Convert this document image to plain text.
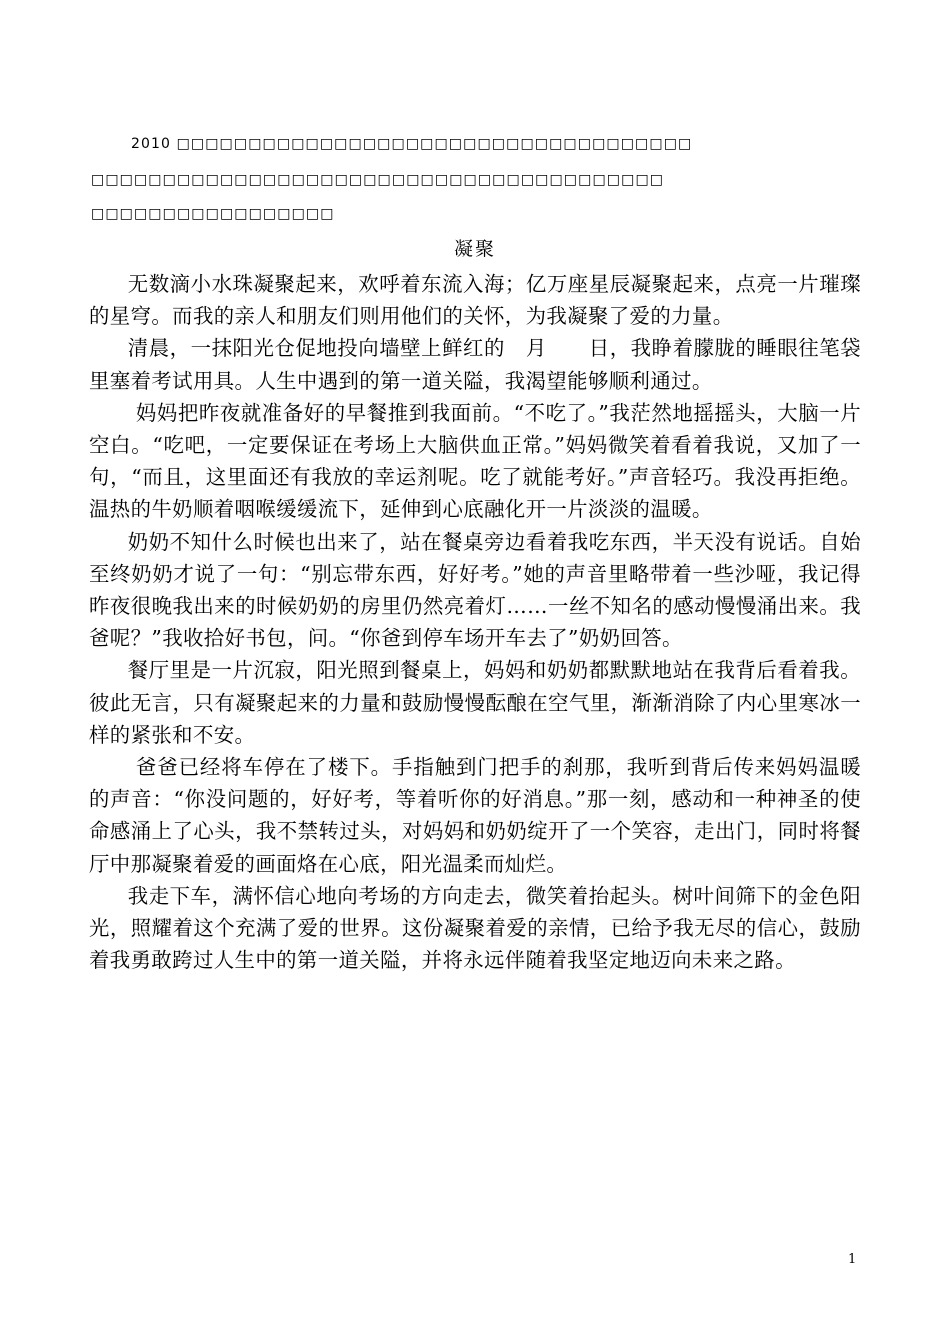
2010 □□□□□□□□□□□□□□□□□□□□□□□□□□□□□□□□□□□□
□□□□□□□□□□□□□□□□□□□□□□□□□□□□□□□□□□□□□□□□
□□□□□□□□□□□□□□□□□
凝聚

无数滴小水珠凝聚起来，欢呼着东流入海；亿万座星辰凝聚起来，点亮一片璀璨的星穹。而我的亲人和朋友们则用他们的关怀，为我凝聚了爱的力量。

清晨，一抹阳光仓促地投向墙壁上鲜红的　月　　日，我睁着朦胧的睡眼往笔袋里塞着考试用具。人生中遇到的第一道关隘，我渴望能够顺利通过。

妈妈把昨夜就准备好的早餐推到我面前。“不吃了。”我茫然地摇摇头，大脑一片空白。“吃吧，一定要保证在考场上大脑供血正常。”妈妈微笑着看着我说，又加了一句，“而且，这里面还有我放的幸运剂呢。吃了就能考好。”声音轻巧。我没再拒绝。温热的牛奶顺着咽喉缓缓流下，延伸到心底融化开一片淡淡的温暖。

奶奶不知什么时候也出来了，站在餐桌旁边看着我吃东西，半天没有说话。自始至终奶奶才说了一句：“别忘带东西，好好考。”她的声音里略带着一些沙哑，我记得昨夜很晚我出来的时候奶奶的房里仍然亮着灯……一丝不知名的感动慢慢涌出来。我爸呢？”我收拾好书包，问。“你爸到停车场开车去了”奶奶回答。

餐厅里是一片沉寂，阳光照到餐桌上，妈妈和奶奶都默默地站在我背后看着我。彼此无言，只有凝聚起来的力量和鼓励慢慢酝酿在空气里，渐渐消除了内心里寒冰一样的紧张和不安。

爸爸已经将车停在了楼下。手指触到门把手的刹那，我听到背后传来妈妈温暖的声音：“你没问题的，好好考，等着听你的好消息。”那一刻，感动和一种神圣的使命感涌上了心头，我不禁转过头，对妈妈和奶奶绽开了一个笑容，走出门，同时将餐厅中那凝聚着爱的画面烙在心底，阳光温柔而灿烂。

我走下车，满怀信心地向考场的方向走去，微笑着抬起头。树叶间筛下的金色阳光，照耀着这个充满了爱的世界。这份凝聚着爱的亲情，已给予我无尽的信心，鼓励着我勇敢跨过人生中的第一道关隘，并将永远伴随着我坚定地迈向未来之路。

1
